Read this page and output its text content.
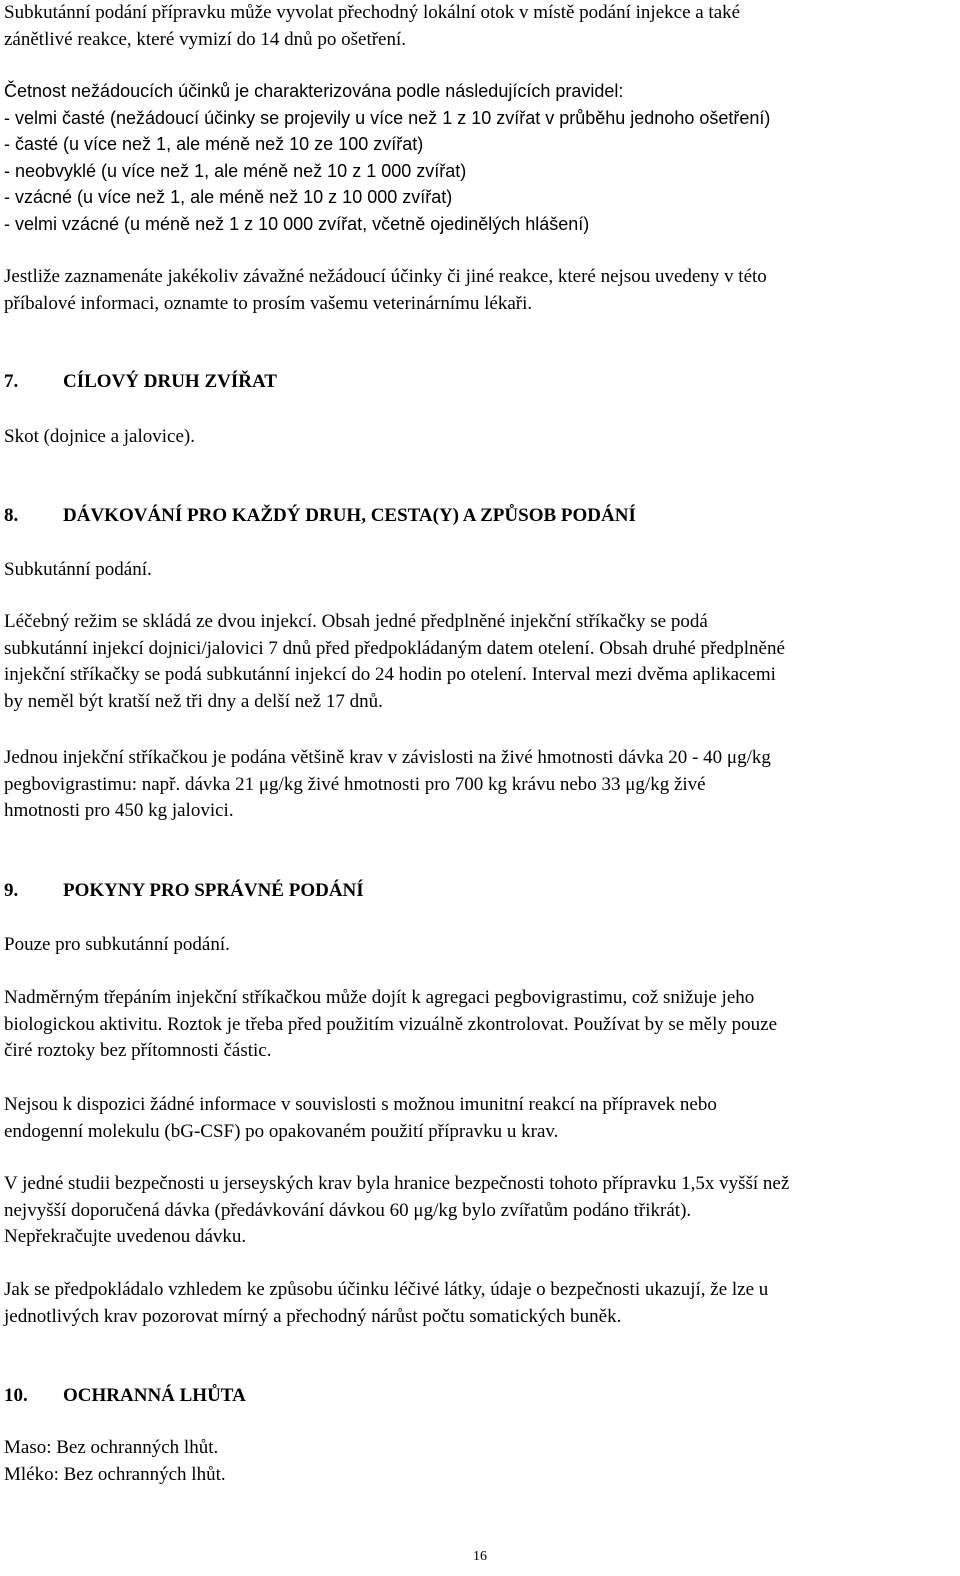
Subkutánní podání přípravku může vyvolat přechodný lokální otok v místě podání injekce a také
zánětlivé reakce, které vymizí do 14 dnů po ošetření.

Četnost nežádoucích účinků je charakterizována podle následujících pravidel:
- velmi časté (nežádoucí účinky se projevily u více než 1 z 10 zvířat v průběhu jednoho ošetření)
- časté (u více než 1, ale méně než 10 ze 100 zvířat)
- neobvyklé (u více než 1, ale méně než 10 z 1 000 zvířat)
- vzácné (u více než 1, ale méně než 10 z 10 000 zvířat)
- velmi vzácné (u méně než 1 z 10 000 zvířat, včetně ojedinělých hlášení)

Jestliže zaznamenáte jakékoliv závažné nežádoucí účinky či jiné reakce, které nejsou uvedeny v této
příbalové informaci, oznamte to prosím vašemu veterinárnímu lékaři.

7.	CÍLOVÝ DRUH ZVÍŘAT

Skot (dojnice a jalovice).

8.	DÁVKOVÁNÍ PRO KAŽDÝ DRUH, CESTA(Y) A ZPŮSOB PODÁNÍ

Subkutánní podání.

Léčebný režim se skládá ze dvou injekcí. Obsah jedné předplněné injekční stříkačky se podá
subkutánní injekcí dojnici/jalovici 7 dnů před předpokládaným datem otelení. Obsah druhé předplněné
injekční stříkačky se podá subkutánní injekcí do 24 hodin po otelení. Interval mezi dvěma aplikacemi
by neměl být kratší než tři dny a delší než 17 dnů.

Jednou injekční stříkačkou je podána většině krav v závislosti na živé hmotnosti dávka 20 - 40 μg/kg
pegbovigrastimu: např. dávka 21 μg/kg živé hmotnosti pro 700 kg krávu nebo 33 μg/kg živé
hmotnosti pro 450 kg jalovici.

9.	POKYNY PRO SPRÁVNÉ PODÁNÍ

Pouze pro subkutánní podání.

Nadměrným třepáním injekční stříkačkou může dojít k agregaci pegbovigrastimu, což snižuje jeho
biologickou aktivitu. Roztok je třeba před použitím vizuálně zkontrolovat. Používat by se měly pouze
čiré roztoky bez přítomnosti částic.

Nejsou k dispozici žádné informace v souvislosti s možnou imunitní reakcí na přípravek nebo
endogenní molekulu (bG-CSF) po opakovaném použití přípravku u krav.

V jedné studii bezpečnosti u jerseyských krav byla hranice bezpečnosti tohoto přípravku 1,5x vyšší než
nejvyšší doporučená dávka (předávkování dávkou 60 μg/kg bylo zvířatům podáno třikrát).
Nepřekračujte uvedenou dávku.

Jak se předpokládalo vzhledem ke způsobu účinku léčivé látky, údaje o bezpečnosti ukazují, že lze u
jednotlivých krav pozorovat mírný a přechodný nárůst počtu somatických buněk.

10.	OCHRANNÁ LHŮTA

Maso: Bez ochranných lhůt.
Mléko: Bez ochranných lhůt.

16
